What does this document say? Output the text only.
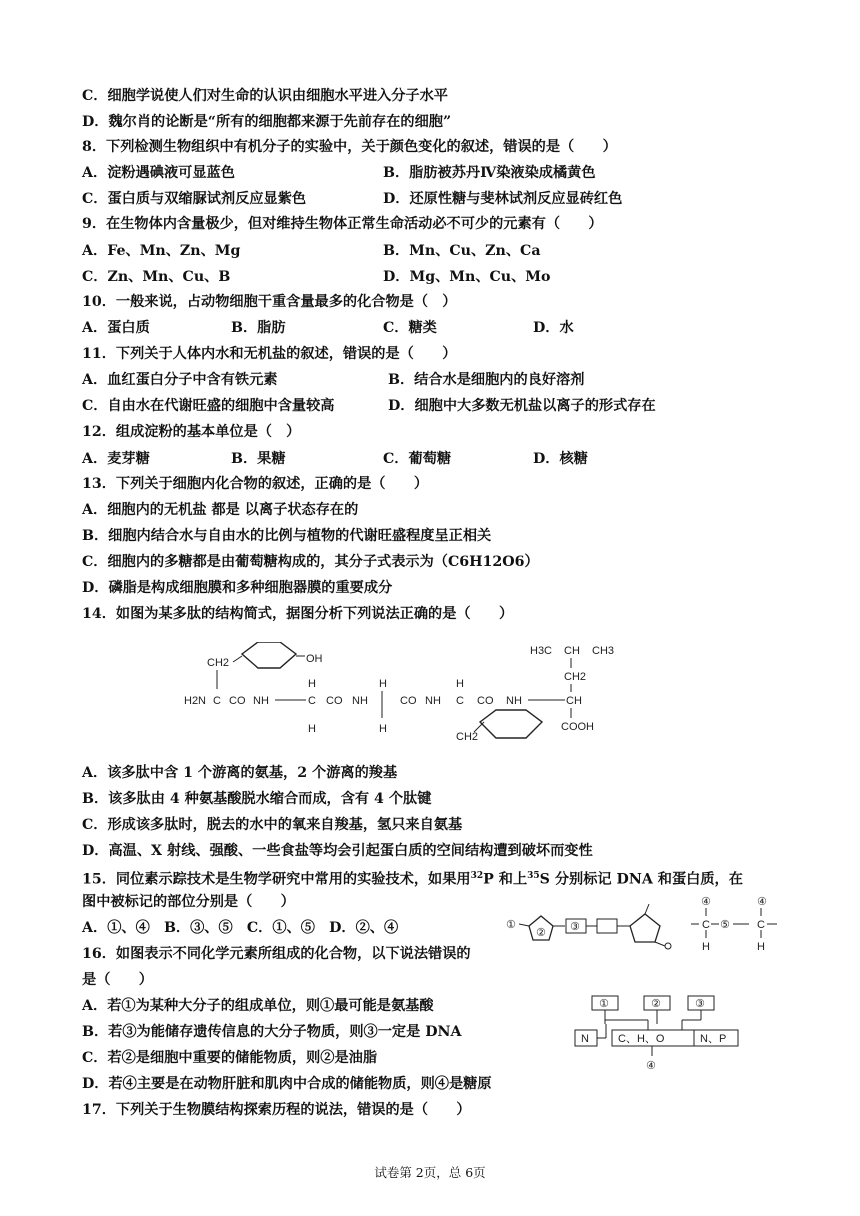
C．细胞学说使人们对生命的认识由细胞水平进入分子水平
D．魏尔肖的论断是“所有的细胞都来源于先前存在的细胞”
8．下列检测生物组织中有机分子的实验中，关于颜色变化的叙述，错误的是（　　）
A．淀粉遇碘液可显蓝色	B．脂肪被苏丹Ⅳ染液染成橘黄色
C．蛋白质与双缩脲试剂反应显紫色	D．还原性糖与斐林试剂反应显砖红色
9．在生物体内含量极少，但对维持生物体正常生命活动必不可少的元素有（　　）
A．Fe、Mn、Zn、Mg	B．Mn、Cu、Zn、Ca
C．Zn、Mn、Cu、B	D．Mg、Mn、Cu、Mo
10．一般来说，占动物细胞干重含量最多的化合物是（　）
A．蛋白质	B．脂肪	C．糖类	D．水
11．下列关于人体内水和无机盐的叙述，错误的是（　　）
A．血红蛋白分子中含有铁元素	B．结合水是细胞内的良好溶剂
C．自由水在代谢旺盛的细胞中含量较高	D．细胞中大多数无机盐以离子的形式存在
12．组成淀粉的基本单位是（　）
A．麦芽糖	B．果糖	C．葡萄糖	D．核糖
13．下列关于细胞内化合物的叙述，正确的是（　　）
A．细胞内的无机盐 都是 以离子状态存在的
B．细胞内结合水与自由水的比例与植物的代谢旺盛程度呈正相关
C．细胞内的多糖都是由葡萄糖构成的，其分子式表示为（C6H12O6）
D．磷脂是构成细胞膜和多种细胞器膜的重要成分
14．如图为某多肽的结构简式，据图分析下列说法正确的是（　　）
CH2	OH
H2N C CO NH
H
C
H
CO NH
H
H
CO NH
H
C
CH2
CO NH
H3C CH CH3
CH2
CH
COOH
A．该多肽中含 1 个游离的氨基，2 个游离的羧基
B．该多肽由 4 种氨基酸脱水缩合而成，含有 4 个肽键
C．形成该多肽时，脱去的水中的氧来自羧基，氢只来自氨基
D．高温、X 射线、强酸、一些食盐等均会引起蛋白质的空间结构遭到破坏而变性
15．同位素示踪技术是生物学研究中常用的实验技术，如果用$^{32}$P 和上$^{35}$S 分别标记 DNA 和蛋白质，在
图中被标记的部位分别是（　　）
A．①、④　B．③、⑤　C．①、⑤　D．②、④	①
② ③
④
C ⑤
④
C
H	H
16．如图表示不同化学元素所组成的化合物，以下说法错误的
是（　　）
A．若①为某种大分子的组成单位，则①最可能是氨基酸
B．若③为能储存遗传信息的大分子物质，则③一定是 DNA
C．若②是细胞中重要的储能物质，则②是油脂
D．若④主要是在动物肝脏和肌肉中合成的储能物质，则④是糖原
①	②	③
N	C、H、O	N、P
④
17．下列关于生物膜结构探索历程的说法，错误的是（　　）
试卷第 2页，总 6页
